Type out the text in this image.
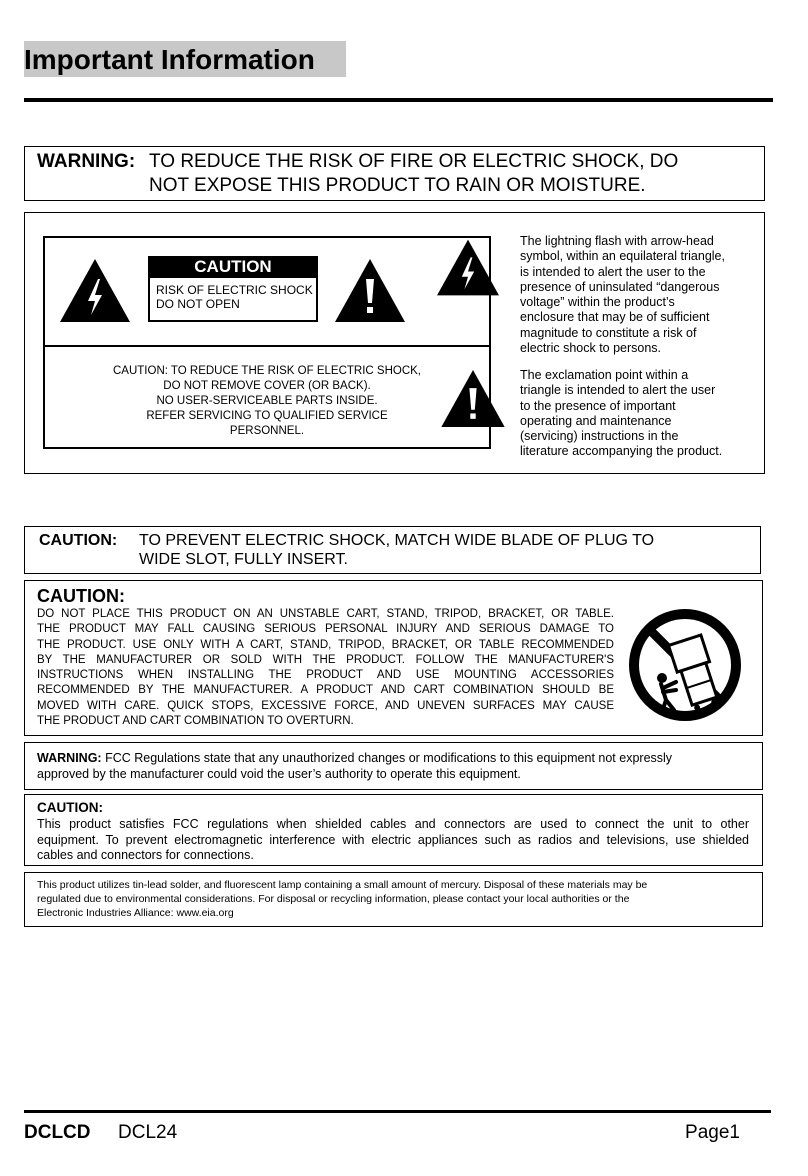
Important Information
WARNING: TO REDUCE THE RISK OF FIRE OR ELECTRIC SHOCK, DO
NOT EXPOSE THIS PRODUCT TO RAIN OR MOISTURE.
CAUTION
RISK OF ELECTRIC SHOCK
DO NOT OPEN
CAUTION: TO REDUCE THE RISK OF ELECTRIC SHOCK,
DO NOT REMOVE COVER (OR BACK).
NO USER-SERVICEABLE PARTS INSIDE.
REFER SERVICING TO QUALIFIED SERVICE
PERSONNEL.
The lightning flash with arrow-head
symbol, within an equilateral triangle,
is intended to alert the user to the
presence of uninsulated “dangerous
voltage” within the product’s
enclosure that may be of sufficient
magnitude to constitute a risk of
electric shock to persons.
The exclamation point within a
triangle is intended to alert the user
to the presence of important
operating and maintenance
(servicing) instructions in the
literature accompanying the product.
CAUTION: TO PREVENT ELECTRIC SHOCK, MATCH WIDE BLADE OF PLUG TO
WIDE SLOT, FULLY INSERT.
CAUTION:
DO NOT PLACE THIS PRODUCT ON AN UNSTABLE CART, STAND, TRIPOD, BRACKET, OR TABLE.
THE PRODUCT MAY FALL CAUSING SERIOUS PERSONAL INJURY AND SERIOUS DAMAGE TO
THE PRODUCT. USE ONLY WITH A CART, STAND, TRIPOD, BRACKET, OR TABLE RECOMMENDED
BY THE MANUFACTURER OR SOLD WITH THE PRODUCT. FOLLOW THE MANUFACTURER'S
INSTRUCTIONS WHEN INSTALLING THE PRODUCT AND USE MOUNTING ACCESSORIES
RECOMMENDED BY THE MANUFACTURER. A PRODUCT AND CART COMBINATION SHOULD BE
MOVED WITH CARE. QUICK STOPS, EXCESSIVE FORCE, AND UNEVEN SURFACES MAY CAUSE
THE PRODUCT AND CART COMBINATION TO OVERTURN.
WARNING: FCC Regulations state that any unauthorized changes or modifications to this equipment not expressly
approved by the manufacturer could void the user’s authority to operate this equipment.
CAUTION:
This product satisfies FCC regulations when shielded cables and connectors are used to connect the unit to other
equipment. To prevent electromagnetic interference with electric appliances such as radios and televisions, use shielded
cables and connectors for connections.
This product utilizes tin-lead solder, and fluorescent lamp containing a small amount of mercury. Disposal of these materials may be
regulated due to environmental considerations. For disposal or recycling information, please contact your local authorities or the
Electronic Industries Alliance: www.eia.org
DCLCD DCL24	Page1
